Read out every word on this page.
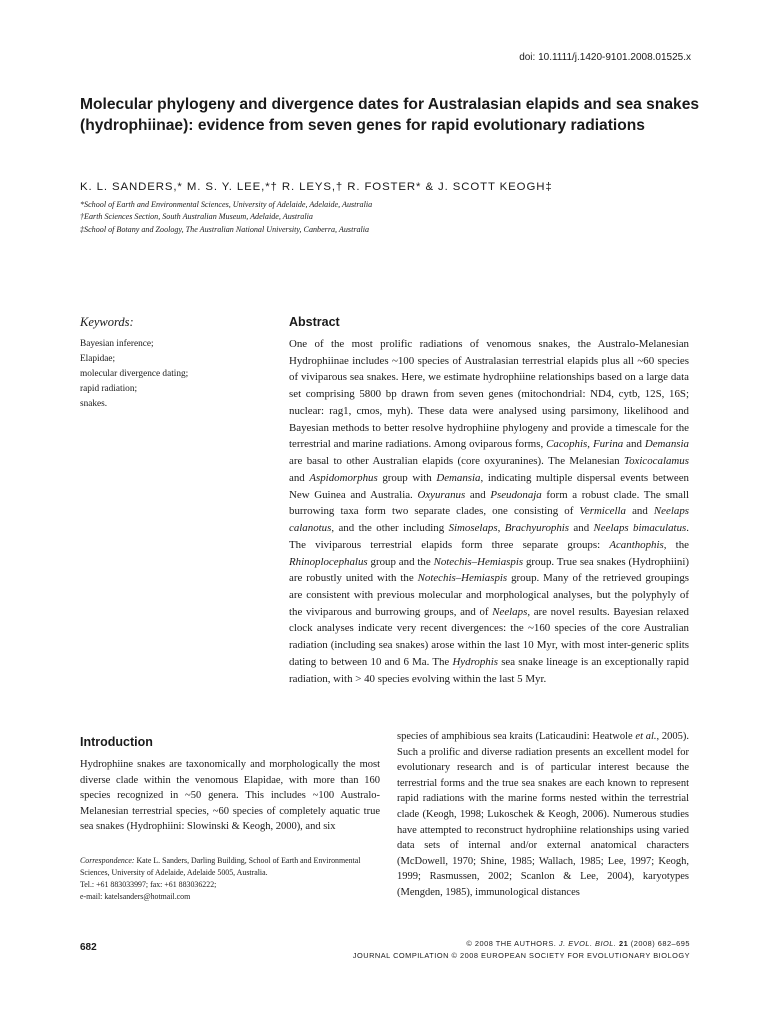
doi: 10.1111/j.1420-9101.2008.01525.x
Molecular phylogeny and divergence dates for Australasian elapids and sea snakes (hydrophiinae): evidence from seven genes for rapid evolutionary radiations
K. L. SANDERS,* M. S. Y. LEE,*† R. LEYS,† R. FOSTER* & J. SCOTT KEOGH‡
*School of Earth and Environmental Sciences, University of Adelaide, Adelaide, Australia
†Earth Sciences Section, South Australian Museum, Adelaide, Australia
‡School of Botany and Zoology, The Australian National University, Canberra, Australia
Keywords:
Bayesian inference;
Elapidae;
molecular divergence dating;
rapid radiation;
snakes.
Abstract

One of the most prolific radiations of venomous snakes, the Australo-Melanesian Hydrophiinae includes ~100 species of Australasian terrestrial elapids plus all ~60 species of viviparous sea snakes. Here, we estimate hydrophiine relationships based on a large data set comprising 5800 bp drawn from seven genes (mitochondrial: ND4, cytb, 12S, 16S; nuclear: rag1, cmos, myh). These data were analysed using parsimony, likelihood and Bayesian methods to better resolve hydrophiine phylogeny and provide a timescale for the terrestrial and marine radiations. Among oviparous forms, Cacophis, Furina and Demansia are basal to other Australian elapids (core oxyuranines). The Melanesian Toxicocalamus and Aspidomorphus group with Demansia, indicating multiple dispersal events between New Guinea and Australia. Oxyuranus and Pseudonaja form a robust clade. The small burrowing taxa form two separate clades, one consisting of Vermicella and Neelaps calanotus, and the other including Simoselaps, Brachyurophis and Neelaps bimaculatus. The viviparous terrestrial elapids form three separate groups: Acanthophis, the Rhinoplocephalus group and the Notechis–Hemiaspis group. True sea snakes (Hydrophiini) are robustly united with the Notechis–Hemiaspis group. Many of the retrieved groupings are consistent with previous molecular and morphological analyses, but the polyphyly of the viviparous and burrowing groups, and of Neelaps, are novel results. Bayesian relaxed clock analyses indicate very recent divergences: the ~160 species of the core Australian radiation (including sea snakes) arose within the last 10 Myr, with most inter-generic splits dating to between 10 and 6 Ma. The Hydrophis sea snake lineage is an exceptionally rapid radiation, with > 40 species evolving within the last 5 Myr.

Introduction

Hydrophiine snakes are taxonomically and morphologically the most diverse clade within the venomous Elapidae, with more than 160 species recognized in ~50 genera. This includes ~100 Australo-Melanesian terrestrial species, ~60 species of completely aquatic true sea snakes (Hydrophiini: Slowinski & Keogh, 2000), and six

Correspondence: Kate L. Sanders, Darling Building, School of Earth and Environmental Sciences, University of Adelaide, Adelaide 5005, Australia.
Tel.: +61 883033997; fax: +61 883036222;
e-mail: katelsanders@hotmail.com

species of amphibious sea kraits (Laticaudini: Heatwole et al., 2005). Such a prolific and diverse radiation presents an excellent model for evolutionary research and is of particular interest because the terrestrial forms and the true sea snakes are each known to represent rapid radiations with the marine forms nested within the terrestrial clade (Keogh, 1998; Lukoschek & Keogh, 2006). Numerous studies have attempted to reconstruct hydrophiine relationships using varied data sets of internal and/or external anatomical characters (McDowell, 1970; Shine, 1985; Wallach, 1985; Lee, 1997; Keogh, 1999; Rasmussen, 2002; Scanlon & Lee, 2004), karyotypes (Mengden, 1985), immunological distances

682	© 2008 THE AUTHORS. J. EVOL. BIOL. 21 (2008) 682–695
JOURNAL COMPILATION © 2008 EUROPEAN SOCIETY FOR EVOLUTIONARY BIOLOGY
